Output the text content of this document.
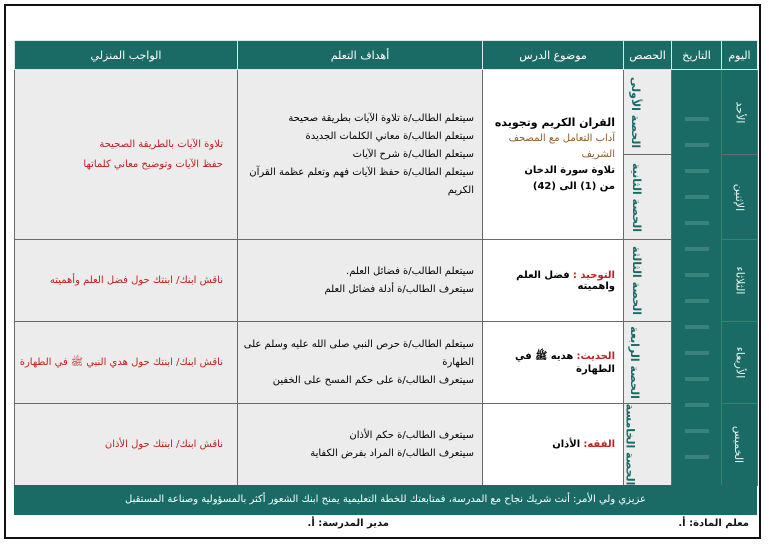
اليوم	التاريخ	الحصص	موضوع الدرس	أهداف التعلم	الواجب المنزلي
الأحد		الحصة الأولى	القران الكريم وتجويده
آداب التعامل مع المصحف الشريف
تلاوة سورة الدخان
من (1) الى (42)	سيتعلم الطالب/ة تلاوة الآيات بطريقة صحيحة
سيتعلم الطالب/ة معاني الكلمات الجديدة
سيتعلم الطالب/ة شرح الآيات
سيتعلم الطالب/ة حفظ الآيات فهم وتعلم عظمة القرآن الكريم	تلاوة الآيات بالطريقة الصحيحة
حفظ الآيات وتوضيح معاني كلماتها

الإثنين		الحصة الثانية			
الثلاثاء		الحصة الثالثة	التوحيد : فضل العلم واهميته	سيتعلم الطالب/ة فضائل العلم.
سيتعرف الطالب/ة أدلة فضائل العلم	ناقش ابنك/ ابنتك حول فضل العلم وأهميته

الأربعاء		الحصة الرابعة	الحديث: هديه ﷺ في الطهارة	سيتعلم الطالب/ة حرص النبي صلى الله عليه وسلم على
الطهارة
سيتعرف الطالب/ة على حكم المسح على الخفين	ناقش ابنك/ ابنتك حول هدي النبي ﷺ في الطهارة

الخميس		الحصة الخامسة	الفقه: الأذان	سيتعرف الطالب/ة حكم الأذان
سيتعرف الطالب/ة المراد بفرض الكفاية	ناقش ابنك/ ابنتك حول الأذان
عزيزي ولي الأمر: أنت شريك نجاح مع المدرسة، فمتابعتك للخطة التعليمية يمنح ابنك الشعور أكثر بالمسؤولية وصناعة المستقبل
معلم المادة: أ.
مدير المدرسة: أ.
